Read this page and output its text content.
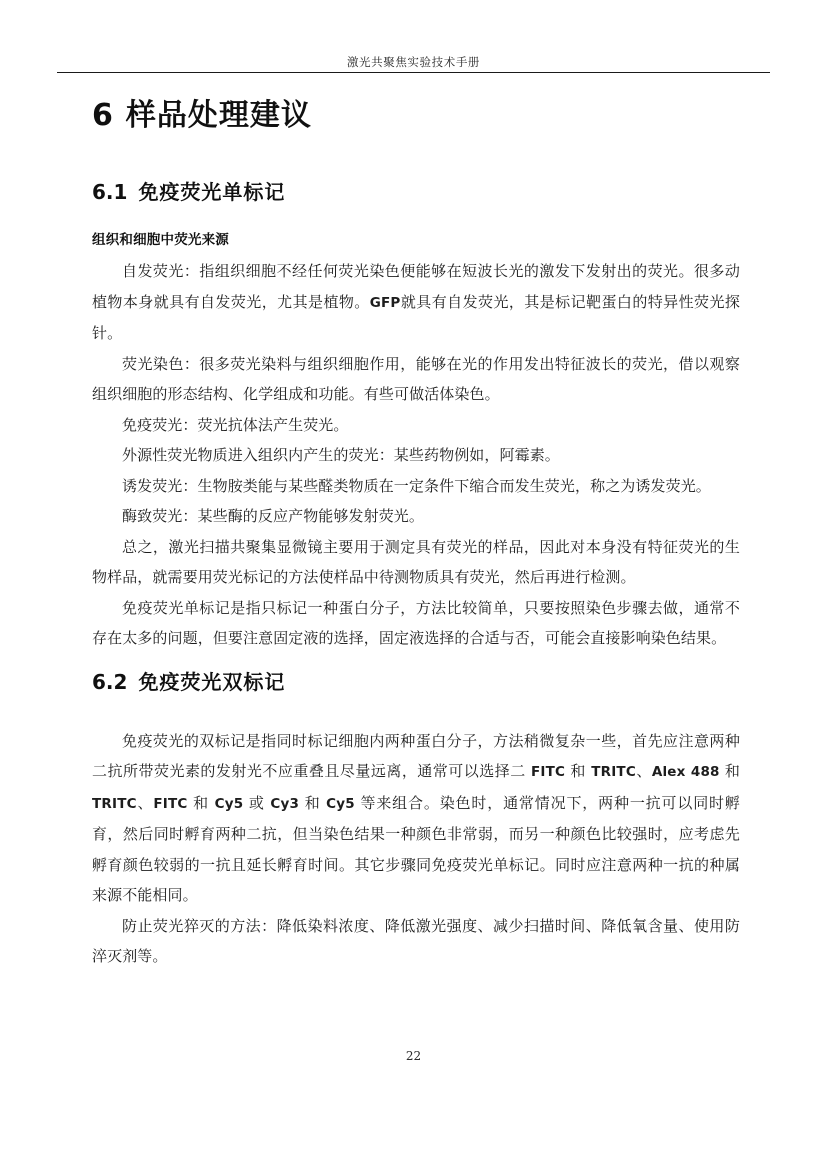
激光共聚焦实验技术手册
6 样品处理建议
6.1 免疫荧光单标记
组织和细胞中荧光来源

自发荧光：指组织细胞不经任何荧光染色便能够在短波长光的激发下发射出的荧光。很多动植物本身就具有自发荧光，尤其是植物。GFP就具有自发荧光，其是标记靶蛋白的特异性荧光探针。

荧光染色：很多荧光染料与组织细胞作用，能够在光的作用发出特征波长的荧光，借以观察组织细胞的形态结构、化学组成和功能。有些可做活体染色。

免疫荧光：荧光抗体法产生荧光。

外源性荧光物质进入组织内产生的荧光：某些药物例如，阿霉素。

诱发荧光：生物胺类能与某些醛类物质在一定条件下缩合而发生荧光，称之为诱发荧光。

酶致荧光：某些酶的反应产物能够发射荧光。

总之，激光扫描共聚集显微镜主要用于测定具有荧光的样品，因此对本身没有特征荧光的生物样品，就需要用荧光标记的方法使样品中待测物质具有荧光，然后再进行检测。

免疫荧光单标记是指只标记一种蛋白分子，方法比较简单，只要按照染色步骤去做，通常不存在太多的问题，但要注意固定液的选择，固定液选择的合适与否，可能会直接影响染色结果。

6.2 免疫荧光双标记

免疫荧光的双标记是指同时标记细胞内两种蛋白分子，方法稍微复杂一些，首先应注意两种二抗所带荧光素的发射光不应重叠且尽量远离，通常可以选择二 FITC 和 TRITC、Alex 488 和 TRITC、FITC 和 Cy5 或 Cy3 和 Cy5 等来组合。染色时，通常情况下，两种一抗可以同时孵育，然后同时孵育两种二抗，但当染色结果一种颜色非常弱，而另一种颜色比较强时，应考虑先孵育颜色较弱的一抗且延长孵育时间。其它步骤同免疫荧光单标记。同时应注意两种一抗的种属来源不能相同。

防止荧光猝灭的方法：降低染料浓度、降低激光强度、减少扫描时间、降低氧含量、使用防淬灭剂等。

22
